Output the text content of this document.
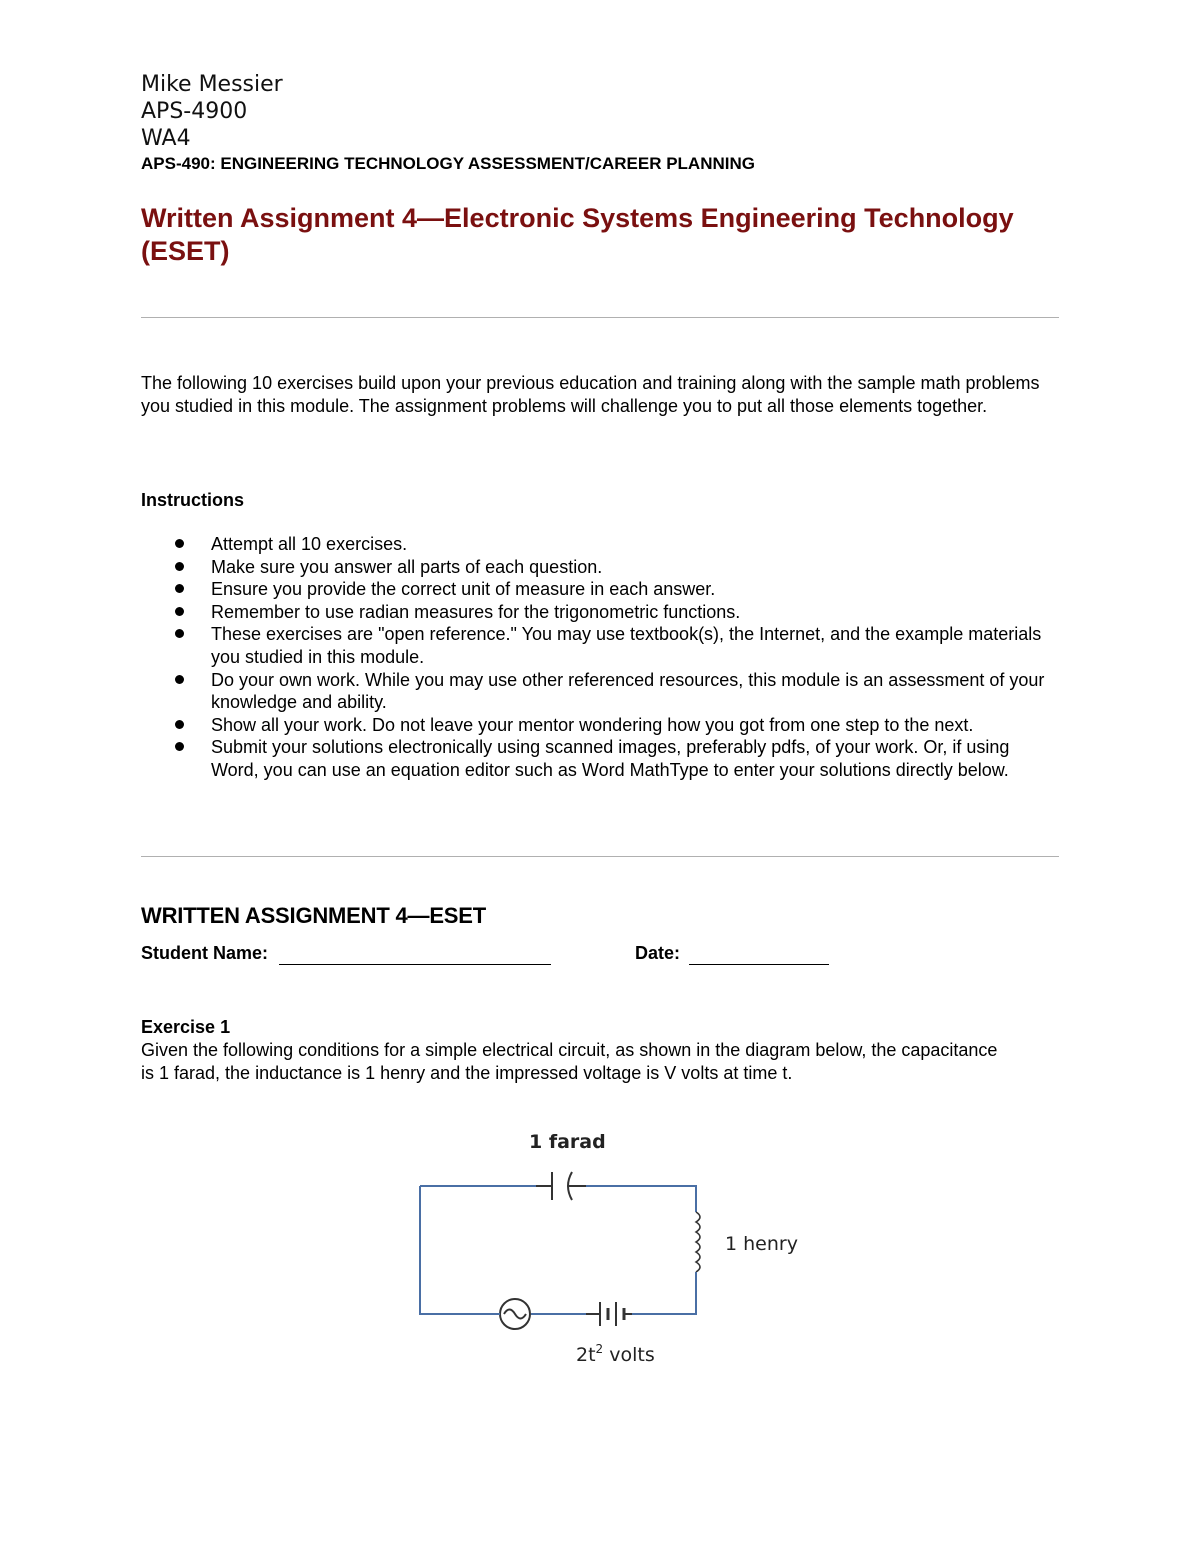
Mike Messier
APS-4900
WA4
APS-490: ENGINEERING TECHNOLOGY ASSESSMENT/CAREER PLANNING
Written Assignment 4—Electronic Systems Engineering Technology (ESET)
The following 10 exercises build upon your previous education and training along with the sample math problems you studied in this module. The assignment problems will challenge you to put all those elements together.
Instructions
Attempt all 10 exercises.
Make sure you answer all parts of each question.
Ensure you provide the correct unit of measure in each answer.
Remember to use radian measures for the trigonometric functions.
These exercises are "open reference." You may use textbook(s), the Internet, and the example materials you studied in this module.
Do your own work. While you may use other referenced resources, this module is an assessment of your knowledge and ability.
Show all your work. Do not leave your mentor wondering how you got from one step to the next.
Submit your solutions electronically using scanned images, preferably pdfs, of your work. Or, if using Word, you can use an equation editor such as Word MathType to enter your solutions directly below.
WRITTEN ASSIGNMENT 4—ESET
Student Name:	Date:
Exercise 1
Given the following conditions for a simple electrical circuit, as shown in the diagram below, the capacitance is 1 farad, the inductance is 1 henry and the impressed voltage is V volts at time t.
1 farad
1 henry
$2t^2$ volts
